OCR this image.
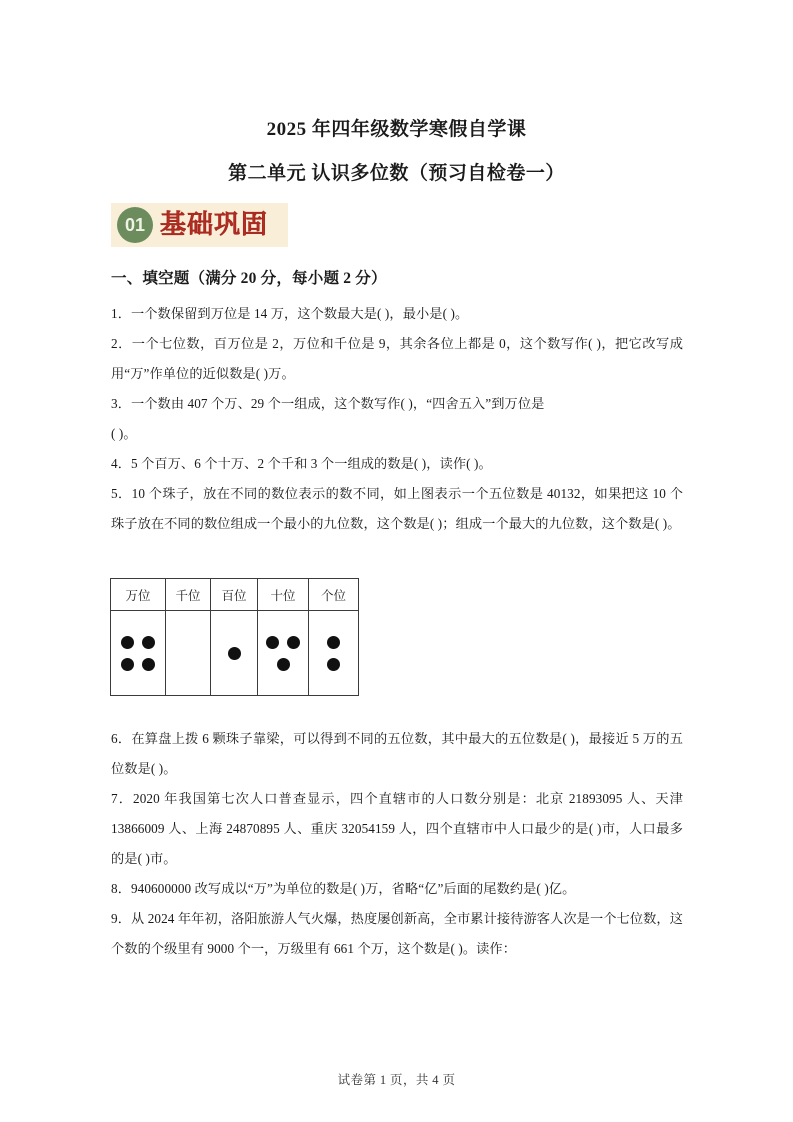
2025 年四年级数学寒假自学课
第二单元 认识多位数（预习自检卷一）
01 基础巩固
一、填空题（满分 20 分，每小题 2 分）

1．一个数保留到万位是 14 万，这个数最大是( )，最小是( )。

2．一个七位数，百万位是 2，万位和千位是 9，其余各位上都是 0，这个数写作( )，把它改写成用“万”作单位的近似数是( )万。

3．一个数由 407 个万、29 个一组成，这个数写作( )，“四舍五入”到万位是

( )。

4．5 个百万、6 个十万、2 个千和 3 个一组成的数是( )，读作( )。

5．10 个珠子，放在不同的数位表示的数不同，如上图表示一个五位数是 40132，如果把这 10 个珠子放在不同的数位组成一个最小的九位数，这个数是( )；组成一个最大的九位数，这个数是( )。

万位	千位	百位	十位	个位

6．在算盘上拨 6 颗珠子靠梁，可以得到不同的五位数，其中最大的五位数是( )，最接近 5 万的五位数是( )。

7．2020 年我国第七次人口普查显示，四个直辖市的人口数分别是：北京 21893095 人、天津 13866009 人、上海 24870895 人、重庆 32054159 人，四个直辖市中人口最少的是( )市，人口最多的是( )市。

8．940600000 改写成以“万”为单位的数是( )万，省略“亿”后面的尾数约是( )亿。

9．从 2024 年年初，洛阳旅游人气火爆，热度屡创新高，全市累计接待游客人次是一个七位数，这个数的个级里有 9000 个一，万级里有 661 个万，这个数是( )。读作：

试卷第 1 页，共 4 页
